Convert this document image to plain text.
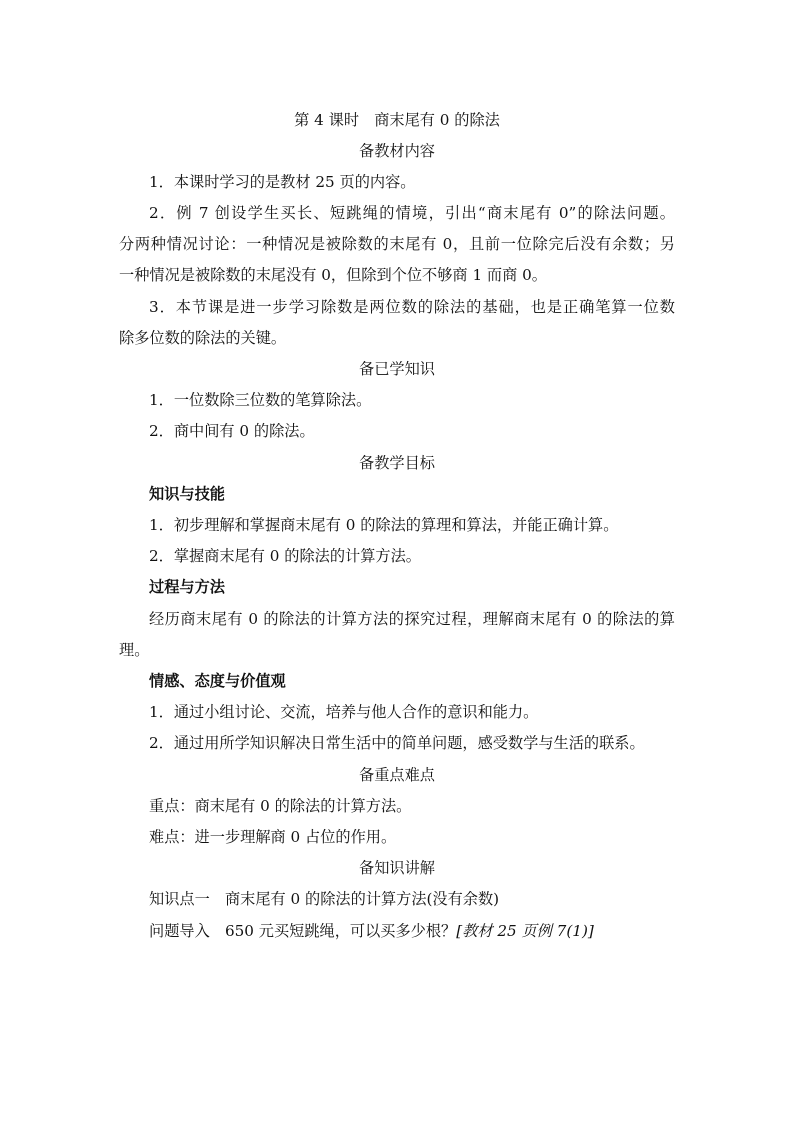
第 4 课时　商末尾有 0 的除法
备教材内容
1．本课时学习的是教材 25 页的内容。
2．例 7 创设学生买长、短跳绳的情境，引出“商末尾有 0”的除法问题。
分两种情况讨论：一种情况是被除数的末尾有 0，且前一位除完后没有余数；另
一种情况是被除数的末尾没有 0，但除到个位不够商 1 而商 0。
3．本节课是进一步学习除数是两位数的除法的基础，也是正确笔算一位数
除多位数的除法的关键。
备已学知识
1．一位数除三位数的笔算除法。
2．商中间有 0 的除法。
备教学目标
知识与技能
1．初步理解和掌握商末尾有 0 的除法的算理和算法，并能正确计算。
2．掌握商末尾有 0 的除法的计算方法。
过程与方法
经历商末尾有 0 的除法的计算方法的探究过程，理解商末尾有 0 的除法的算
理。
情感、态度与价值观
1．通过小组讨论、交流，培养与他人合作的意识和能力。
2．通过用所学知识解决日常生活中的简单问题，感受数学与生活的联系。
备重点难点
重点：商末尾有 0 的除法的计算方法。
难点：进一步理解商 0 占位的作用。
备知识讲解
知识点一　商末尾有 0 的除法的计算方法(没有余数)
问题导入　650 元买短跳绳，可以买多少根？[教材 25 页例 7(1)]
